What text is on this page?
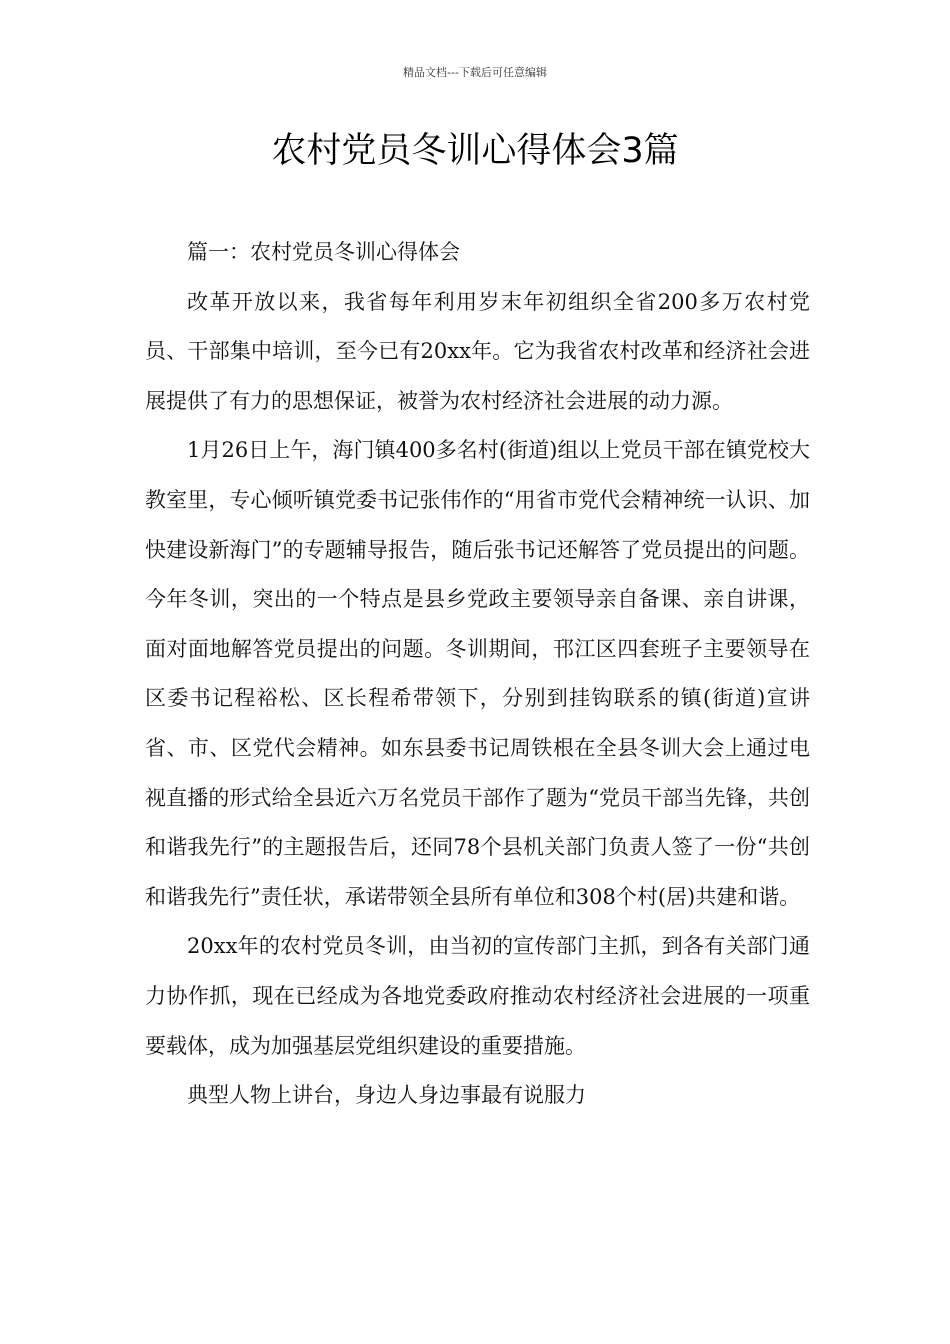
精品文档---下载后可任意编辑
农村党员冬训心得体会3篇

篇一：农村党员冬训心得体会

改革开放以来，我省每年利用岁末年初组织全省200多万农村党员、干部集中培训，至今已有20xx年。它为我省农村改革和经济社会进展提供了有力的思想保证，被誉为农村经济社会进展的动力源。

1月26日上午，海门镇400多名村(街道)组以上党员干部在镇党校大教室里，专心倾听镇党委书记张伟作的“用省市党代会精神统一认识、加快建设新海门”的专题辅导报告，随后张书记还解答了党员提出的问题。今年冬训，突出的一个特点是县乡党政主要领导亲自备课、亲自讲课，面对面地解答党员提出的问题。冬训期间，邗江区四套班子主要领导在区委书记程裕松、区长程希带领下，分别到挂钩联系的镇(街道)宣讲省、市、区党代会精神。如东县委书记周铁根在全县冬训大会上通过电视直播的形式给全县近六万名党员干部作了题为“党员干部当先锋，共创和谐我先行”的主题报告后，还同78个县机关部门负责人签了一份“共创和谐我先行”责任状，承诺带领全县所有单位和308个村(居)共建和谐。

20xx年的农村党员冬训，由当初的宣传部门主抓，到各有关部门通力协作抓，现在已经成为各地党委政府推动农村经济社会进展的一项重要载体，成为加强基层党组织建设的重要措施。

典型人物上讲台，身边人身边事最有说服力
